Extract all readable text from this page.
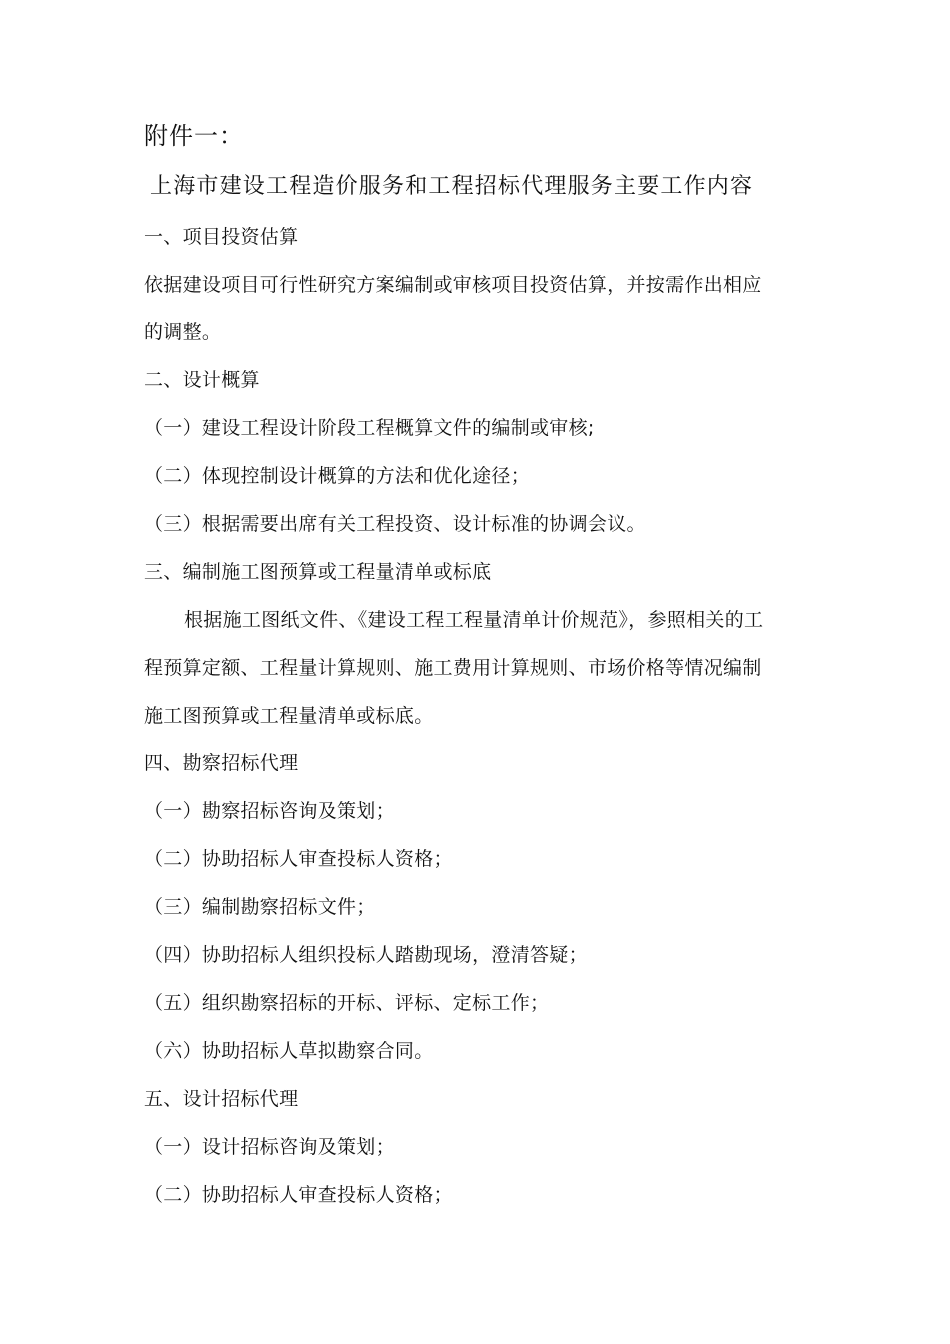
附件一：
上海市建设工程造价服务和工程招标代理服务主要工作内容
一、项目投资估算
依据建设项目可行性研究方案编制或审核项目投资估算，并按需作出相应
的调整。
二、设计概算
（一）建设工程设计阶段工程概算文件的编制或审核;
（二）体现控制设计概算的方法和优化途径；
（三）根据需要出席有关工程投资、设计标准的协调会议。
三、编制施工图预算或工程量清单或标底
根据施工图纸文件、《建设工程工程量清单计价规范》，参照相关的工
程预算定额、工程量计算规则、施工费用计算规则、市场价格等情况编制
施工图预算或工程量清单或标底。
四、勘察招标代理
（一）勘察招标咨询及策划；
（二）协助招标人审查投标人资格；
（三）编制勘察招标文件；
（四）协助招标人组织投标人踏勘现场，澄清答疑；
（五）组织勘察招标的开标、评标、定标工作；
（六）协助招标人草拟勘察合同。
五、设计招标代理
（一）设计招标咨询及策划；
（二）协助招标人审查投标人资格；
